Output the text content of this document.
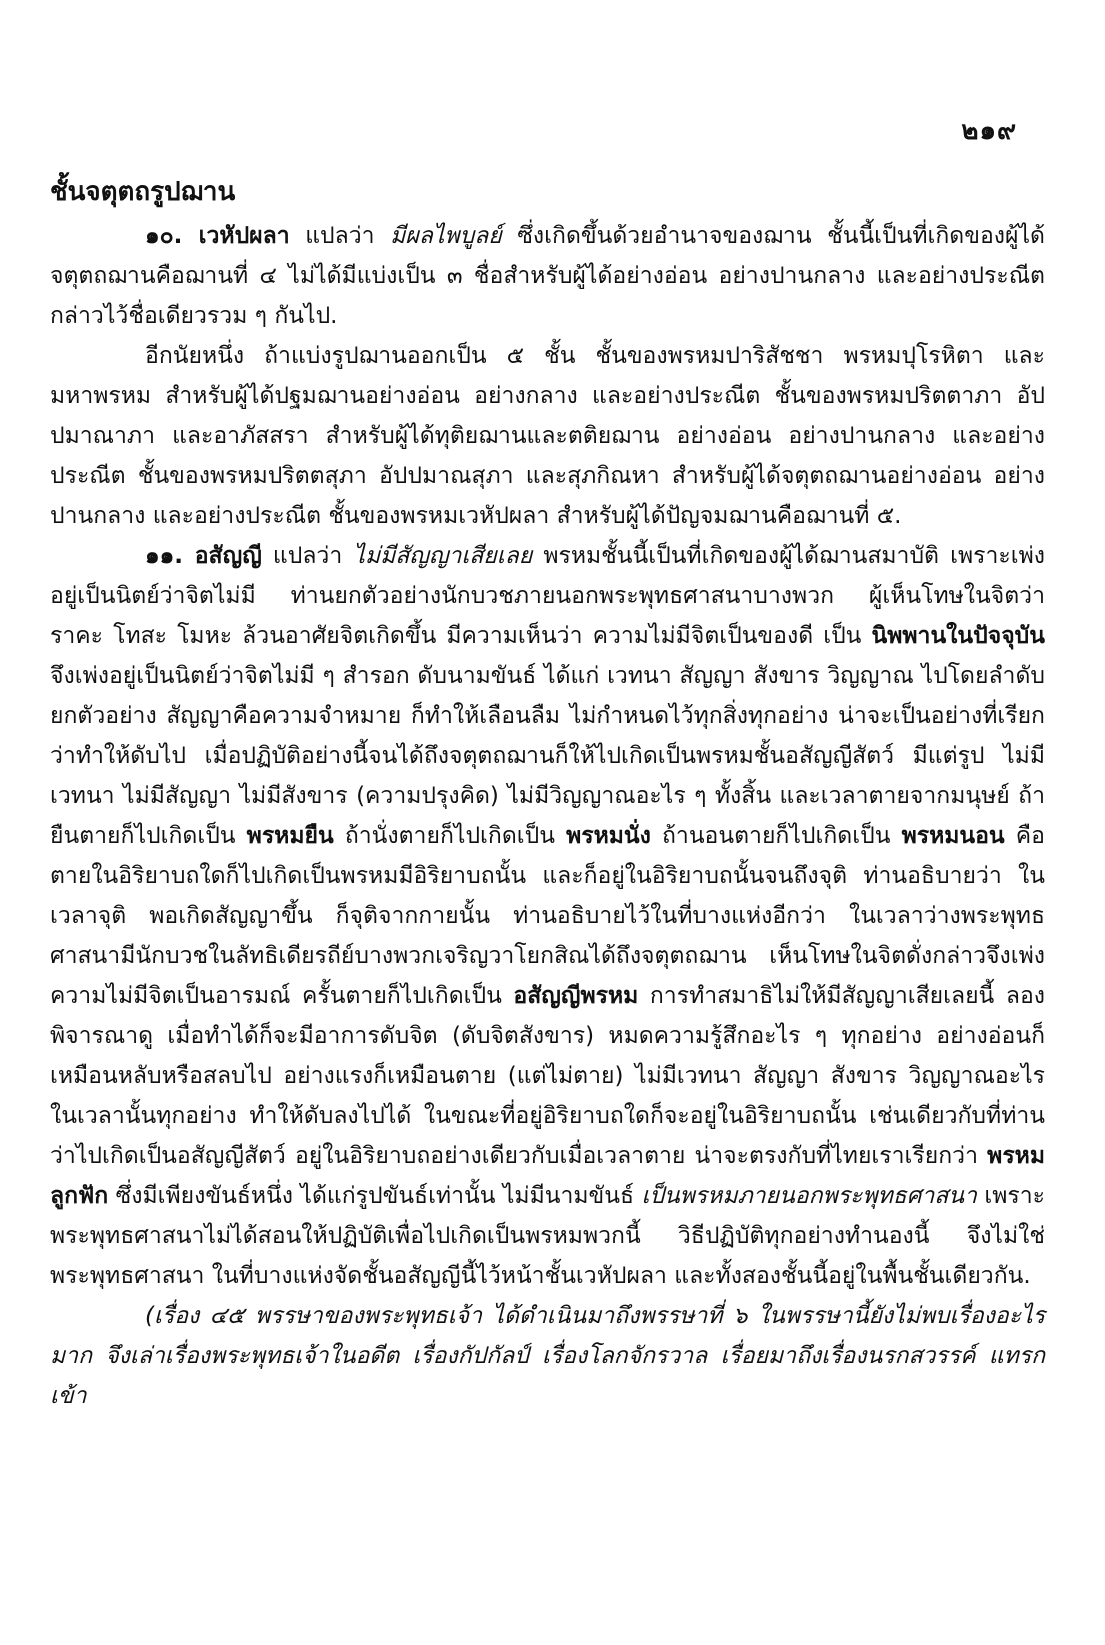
๒๑๙
ชั้นจตุตถรูปฌาน

๑๐. เวหัปผลา แปลว่า มีผลไพบูลย์ ซึ่งเกิดขึ้นด้วยอำนาจของฌาน ชั้นนี้เป็นที่เกิดของผู้ได้จตุตถฌานคือฌานที่ ๔ ไม่ได้มีแบ่งเป็น ๓ ชื่อสำหรับผู้ได้อย่างอ่อน อย่างปานกลาง และอย่างประณีต กล่าวไว้ชื่อเดียวรวม ๆ กันไป.

อีกนัยหนึ่ง ถ้าแบ่งรูปฌานออกเป็น ๕ ชั้น ชั้นของพรหมปาริสัชชา พรหมปุโรหิตา และมหาพรหม สำหรับผู้ได้ปฐมฌานอย่างอ่อน อย่างกลาง และอย่างประณีต ชั้นของพรหมปริตตาภา อัปปมาณาภา และอาภัสสรา สำหรับผู้ได้ทุติยฌานและตติยฌาน อย่างอ่อน อย่างปานกลาง และอย่างประณีต ชั้นของพรหมปริตตสุภา อัปปมาณสุภา และสุภกิณหา สำหรับผู้ได้จตุตถฌานอย่างอ่อน อย่างปานกลาง และอย่างประณีต ชั้นของพรหมเวหัปผลา สำหรับผู้ได้ปัญจมฌานคือฌานที่ ๕.

๑๑. อสัญญี แปลว่า ไม่มีสัญญาเสียเลย พรหมชั้นนี้เป็นที่เกิดของผู้ได้ฌานสมาบัติ เพราะเพ่งอยู่เป็นนิตย์ว่าจิตไม่มี ท่านยกตัวอย่างนักบวชภายนอกพระพุทธศาสนาบางพวก ผู้เห็นโทษในจิตว่า ราคะ โทสะ โมหะ ล้วนอาศัยจิตเกิดขึ้น มีความเห็นว่า ความไม่มีจิตเป็นของดี เป็น นิพพานในปัจจุบัน จึงเพ่งอยู่เป็นนิตย์ว่าจิตไม่มี ๆ สำรอก ดับนามขันธ์ ได้แก่ เวทนา สัญญา สังขาร วิญญาณ ไปโดยลำดับ ยกตัวอย่าง สัญญาคือความจำหมาย ก็ทำให้เลือนลืม ไม่กำหนดไว้ทุกสิ่งทุกอย่าง น่าจะเป็นอย่างที่เรียกว่าทำให้ดับไป เมื่อปฏิบัติอย่างนี้จนได้ถึงจตุตถฌานก็ให้ไปเกิดเป็นพรหมชั้นอสัญญีสัตว์ มีแต่รูป ไม่มีเวทนา ไม่มีสัญญา ไม่มีสังขาร (ความปรุงคิด) ไม่มีวิญญาณอะไร ๆ ทั้งสิ้น และเวลาตายจากมนุษย์ ถ้ายืนตายก็ไปเกิดเป็น พรหมยืน ถ้านั่งตายก็ไปเกิดเป็น พรหมนั่ง ถ้านอนตายก็ไปเกิดเป็น พรหมนอน คือ ตายในอิริยาบถใดก็ไปเกิดเป็นพรหมมีอิริยาบถนั้น และก็อยู่ในอิริยาบถนั้นจนถึงจุติ ท่านอธิบายว่า ในเวลาจุติ พอเกิดสัญญาขึ้น ก็จุติจากกายนั้น ท่านอธิบายไว้ในที่บางแห่งอีกว่า ในเวลาว่างพระพุทธศาสนามีนักบวชในลัทธิเดียรถีย์บางพวกเจริญวาโยกสิณได้ถึงจตุตถฌาน เห็นโทษในจิตดั่งกล่าวจึงเพ่งความไม่มีจิตเป็นอารมณ์ ครั้นตายก็ไปเกิดเป็น อสัญญีพรหม การทำสมาธิไม่ให้มีสัญญาเสียเลยนี้ ลองพิจารณาดู เมื่อทำได้ก็จะมีอาการดับจิต (ดับจิตสังขาร) หมดความรู้สึกอะไร ๆ ทุกอย่าง อย่างอ่อนก็เหมือนหลับหรือสลบไป อย่างแรงก็เหมือนตาย (แต่ไม่ตาย) ไม่มีเวทนา สัญญา สังขาร วิญญาณอะไรในเวลานั้นทุกอย่าง ทำให้ดับลงไปได้ ในขณะที่อยู่อิริยาบถใดก็จะอยู่ในอิริยาบถนั้น เช่นเดียวกับที่ท่านว่าไปเกิดเป็นอสัญญีสัตว์ อยู่ในอิริยาบถอย่างเดียวกับเมื่อเวลาตาย น่าจะตรงกับที่ไทยเราเรียกว่า พรหมลูกฟัก ซึ่งมีเพียงขันธ์หนึ่ง ได้แก่รูปขันธ์เท่านั้น ไม่มีนามขันธ์ เป็นพรหมภายนอกพระพุทธศาสนา เพราะพระพุทธศาสนาไม่ได้สอนให้ปฏิบัติเพื่อไปเกิดเป็นพรหมพวกนี้ วิธีปฏิบัติทุกอย่างทำนองนี้ จึงไม่ใช่พระพุทธศาสนา ในที่บางแห่งจัดชั้นอสัญญีนี้ไว้หน้าชั้นเวหัปผลา และทั้งสองชั้นนี้อยู่ในพื้นชั้นเดียวกัน.

(เรื่อง ๔๕ พรรษาของพระพุทธเจ้า ได้ดำเนินมาถึงพรรษาที่ ๖ ในพรรษานี้ยังไม่พบเรื่องอะไรมาก จึงเล่าเรื่องพระพุทธเจ้าในอดีต เรื่องกัปกัลป์ เรื่องโลกจักรวาล เรื่อยมาถึงเรื่องนรกสวรรค์ แทรกเข้า
